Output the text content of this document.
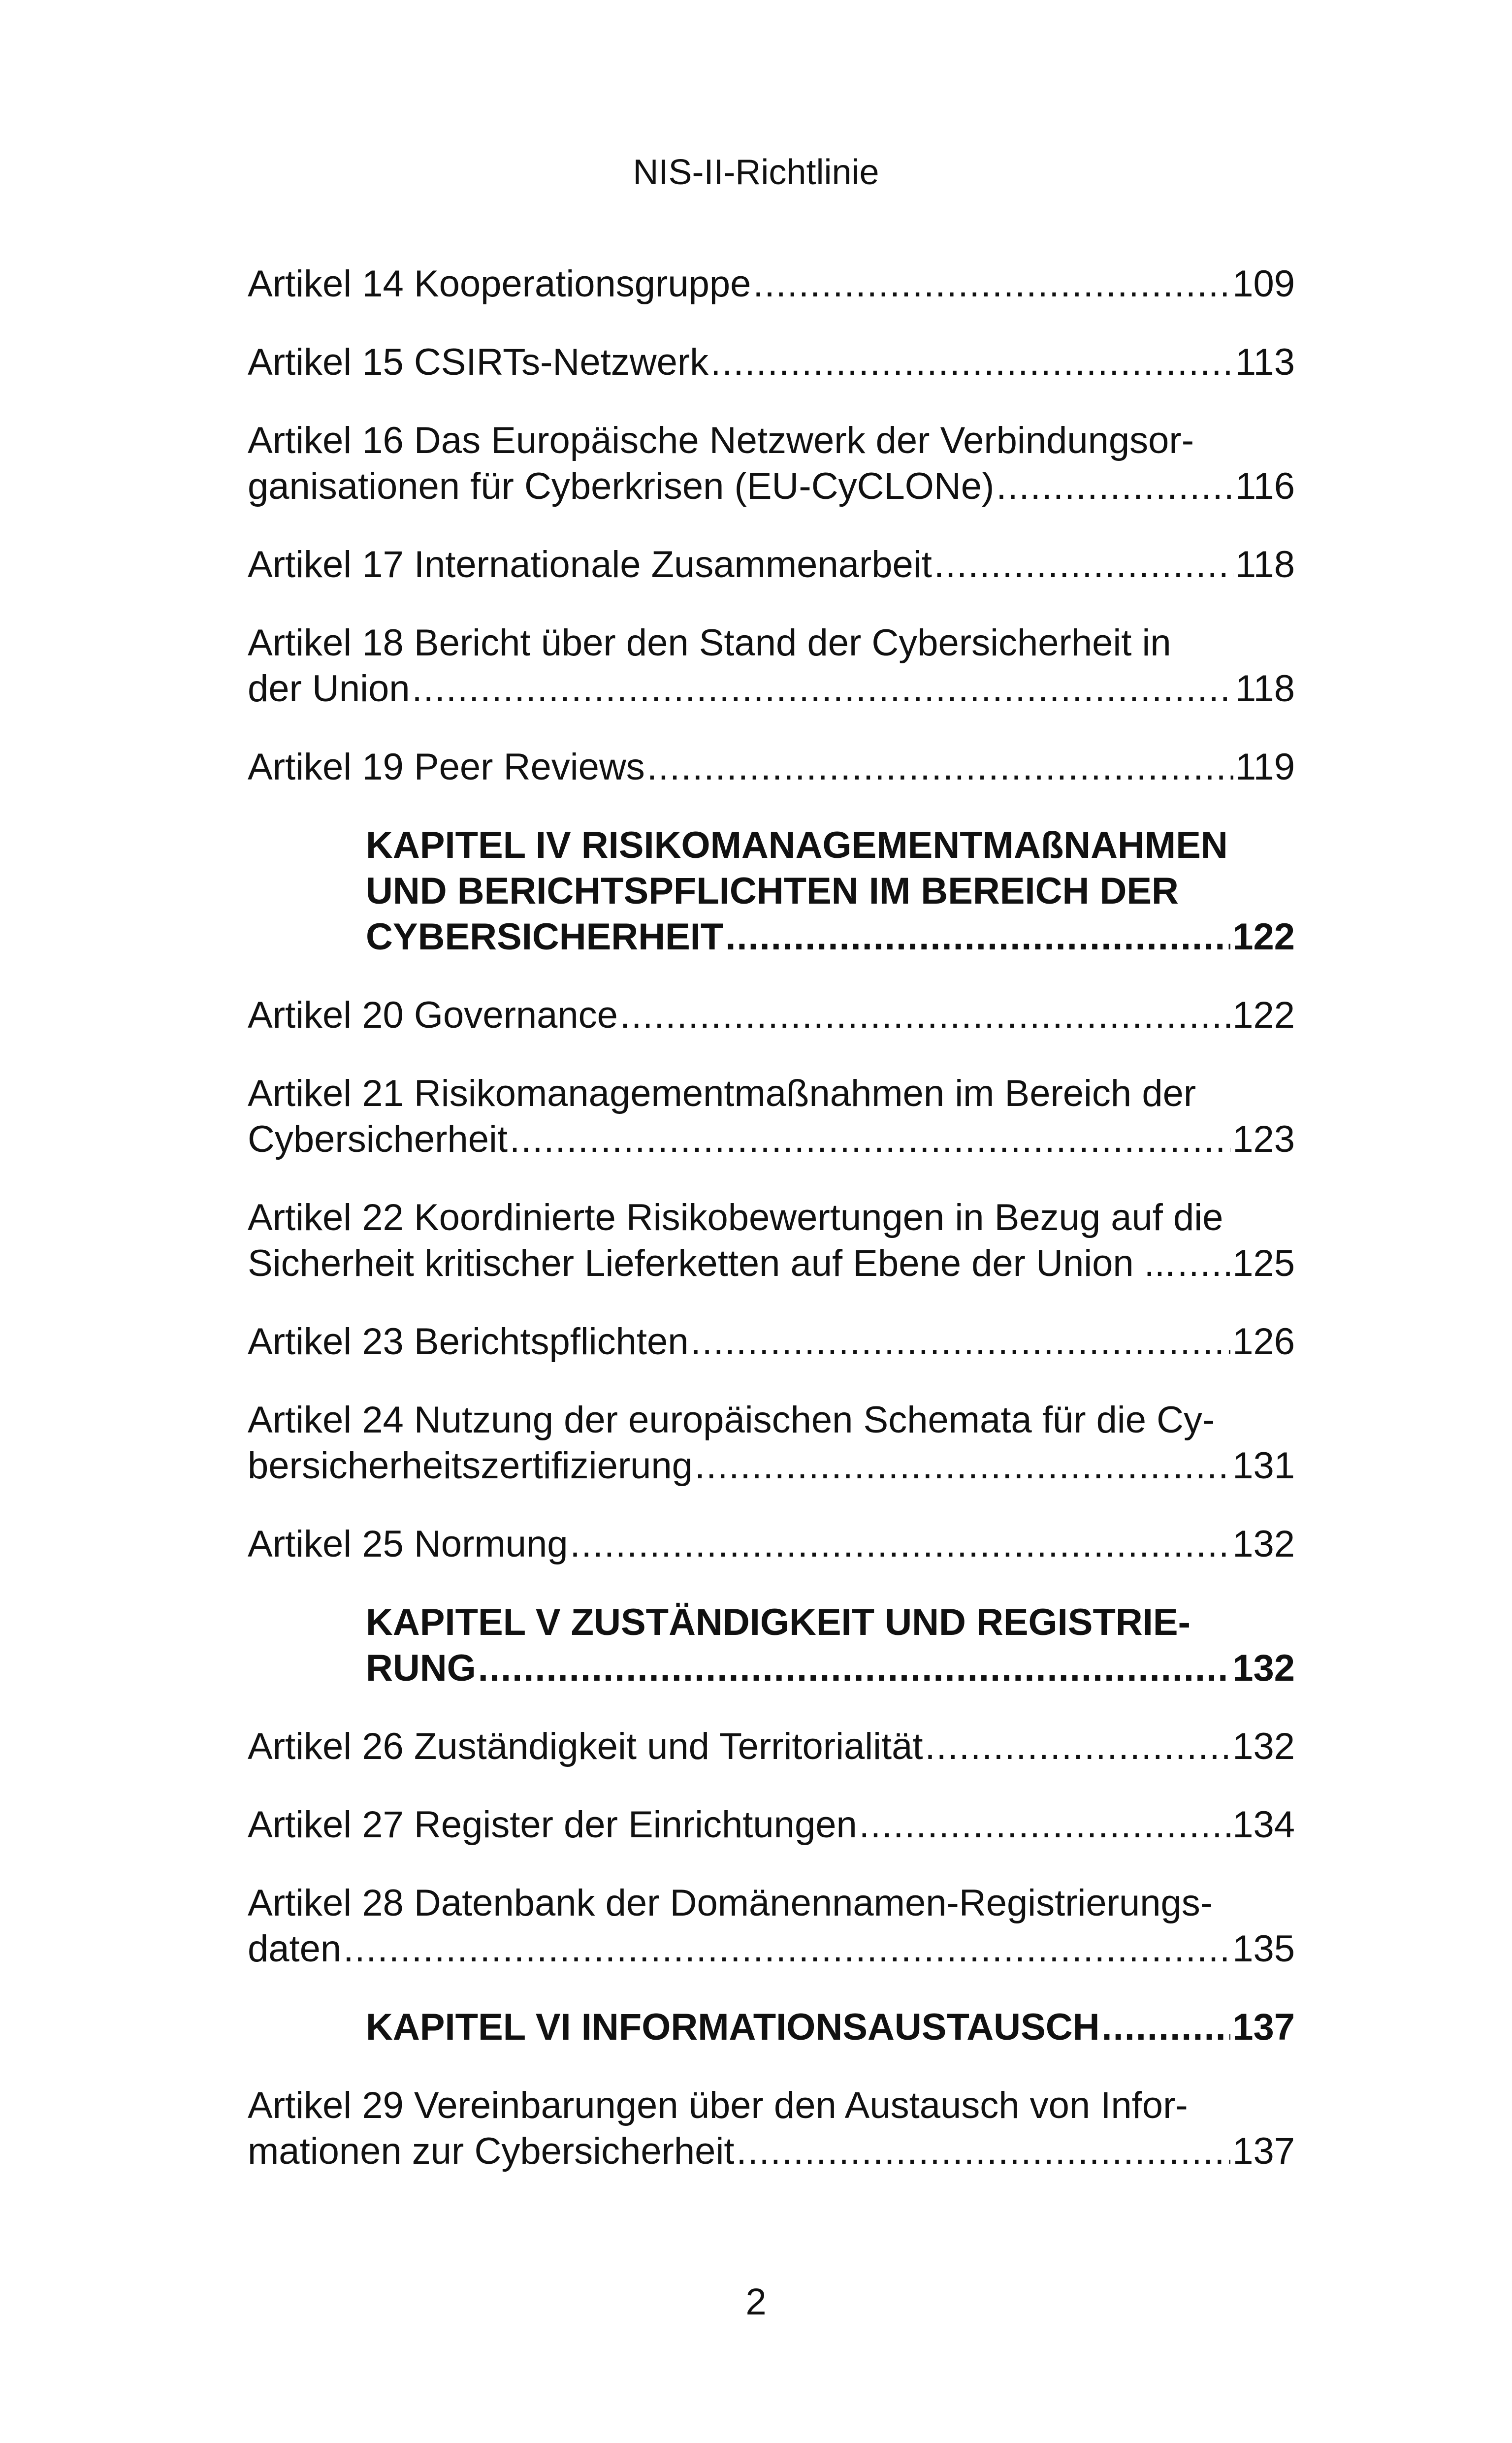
NIS-II-Richtlinie
Artikel 14 Kooperationsgruppe .....	109
Artikel 15 CSIRTs-Netzwerk .....	113
Artikel 16 Das Europäische Netzwerk der Verbindungsor-
ganisationen für Cyberkrisen (EU-CyCLONe) .....	116
Artikel 17 Internationale Zusammenarbeit .....	118
Artikel 18 Bericht über den Stand der Cybersicherheit in
der Union .....	118
Artikel 19 Peer Reviews .....	119
KAPITEL IV RISIKOMANAGEMENTMAßNAHMEN
UND BERICHTSPFLICHTEN IM BEREICH DER
CYBERSICHERHEIT .....	122
Artikel 20 Governance .....	122
Artikel 21 Risikomanagementmaßnahmen im Bereich der
Cybersicherheit .....	123
Artikel 22 Koordinierte Risikobewertungen in Bezug auf die
Sicherheit kritischer Lieferketten auf Ebene der Union ... ..... 125
Artikel 23 Berichtspflichten .....	126
Artikel 24 Nutzung der europäischen Schemata für die Cy-
bersicherheitszertifizierung .....	131
Artikel 25 Normung .....	132
KAPITEL V ZUSTÄNDIGKEIT UND REGISTRIE-
RUNG .....	132
Artikel 26 Zuständigkeit und Territorialität .....	132
Artikel 27 Register der Einrichtungen .....	134
Artikel 28 Datenbank der Domänennamen-Registrierungs-
daten .....	135
KAPITEL VI INFORMATIONSAUSTAUSCH .....	137
Artikel 29 Vereinbarungen über den Austausch von Infor-
mationen zur Cybersicherheit .....	137
2
